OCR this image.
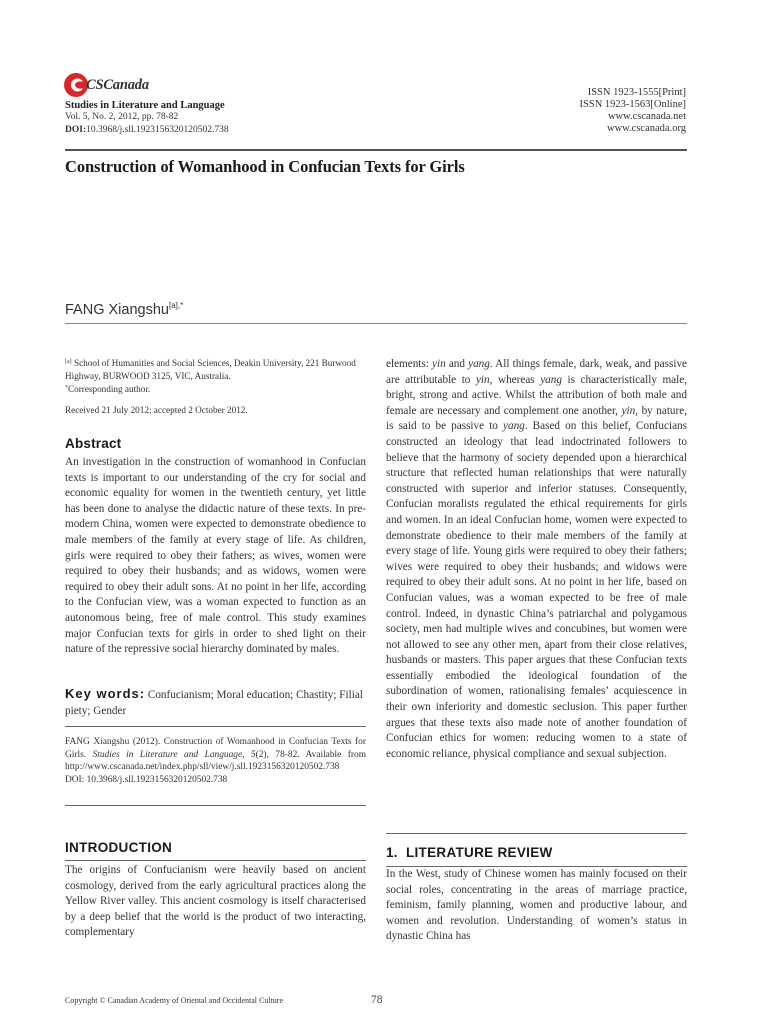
CSCanada
Studies in Literature and Language
Vol. 5, No. 2, 2012, pp. 78-82
DOI:10.3968/j.sll.1923156320120502.738
ISSN 1923-1555[Print]
ISSN 1923-1563[Online]
www.cscanada.net
www.cscanada.org
Construction of Womanhood in Confucian Texts for Girls
FANG Xiangshu$^{[a],*}$
[a] School of Humanities and Social Sciences, Deakin University, 221 Burwood Highway, BURWOOD 3125, VIC, Australia.
*Corresponding author.
Received 21 July 2012; accepted 2 October 2012.
Abstract
An investigation in the construction of womanhood in Confucian texts is important to our understanding of the cry for social and economic equality for women in the twentieth century, yet little has been done to analyse the didactic nature of these texts. In pre-modern China, women were expected to demonstrate obedience to male members of the family at every stage of life. As children, girls were required to obey their fathers; as wives, women were required to obey their husbands; and as widows, women were required to obey their adult sons. At no point in her life, according to the Confucian view, was a woman expected to function as an autonomous being, free of male control. This study examines major Confucian texts for girls in order to shed light on their nature of the repressive social hierarchy dominated by males.
Key words: Confucianism; Moral education; Chastity; Filial piety; Gender
FANG Xiangshu (2012). Construction of Womanhood in Confucian Texts for Girls. Studies in Literature and Language, 5(2), 78-82. Available from http://www.cscanada.net/index.php/sll/view/j.sll.1923156320120502.738
DOI: 10.3968/j.sll.1923156320120502.738
INTRODUCTION
The origins of Confucianism were heavily based on ancient cosmology, derived from the early agricultural practices along the Yellow River valley. This ancient cosmology is itself characterised by a deep belief that the world is the product of two interacting, complementary
elements: yin and yang. All things female, dark, weak, and passive are attributable to yin, whereas yang is characteristically male, bright, strong and active. Whilst the attribution of both male and female are necessary and complement one another, yin, by nature, is said to be passive to yang. Based on this belief, Confucians constructed an ideology that lead indoctrinated followers to believe that the harmony of society depended upon a hierarchical structure that reflected human relationships that were naturally constructed with superior and inferior statuses. Consequently, Confucian moralists regulated the ethical requirements for girls and women. In an ideal Confucian home, women were expected to demonstrate obedience to their male members of the family at every stage of life. Young girls were required to obey their fathers; wives were required to obey their husbands; and widows were required to obey their adult sons. At no point in her life, based on Confucian values, was a woman expected to be free of male control. Indeed, in dynastic China’s patriarchal and polygamous society, men had multiple wives and concubines, but women were not allowed to see any other men, apart from their close relatives, husbands or masters. This paper argues that these Confucian texts essentially embodied the ideological foundation of the subordination of women, rationalising females’ acquiescence in their own inferiority and domestic seclusion. This paper further argues that these texts also made note of another foundation of Confucian ethics for women: reducing women to a state of economic reliance, physical compliance and sexual subjection.
1.  LITERATURE REVIEW
In the West, study of Chinese women has mainly focused on their social roles, concentrating in the areas of marriage practice, feminism, family planning, women and productive labour, and women and revolution. Understanding of women’s status in dynastic China has
Copyright © Canadian Academy of Oriental and Occidental Culture	78
